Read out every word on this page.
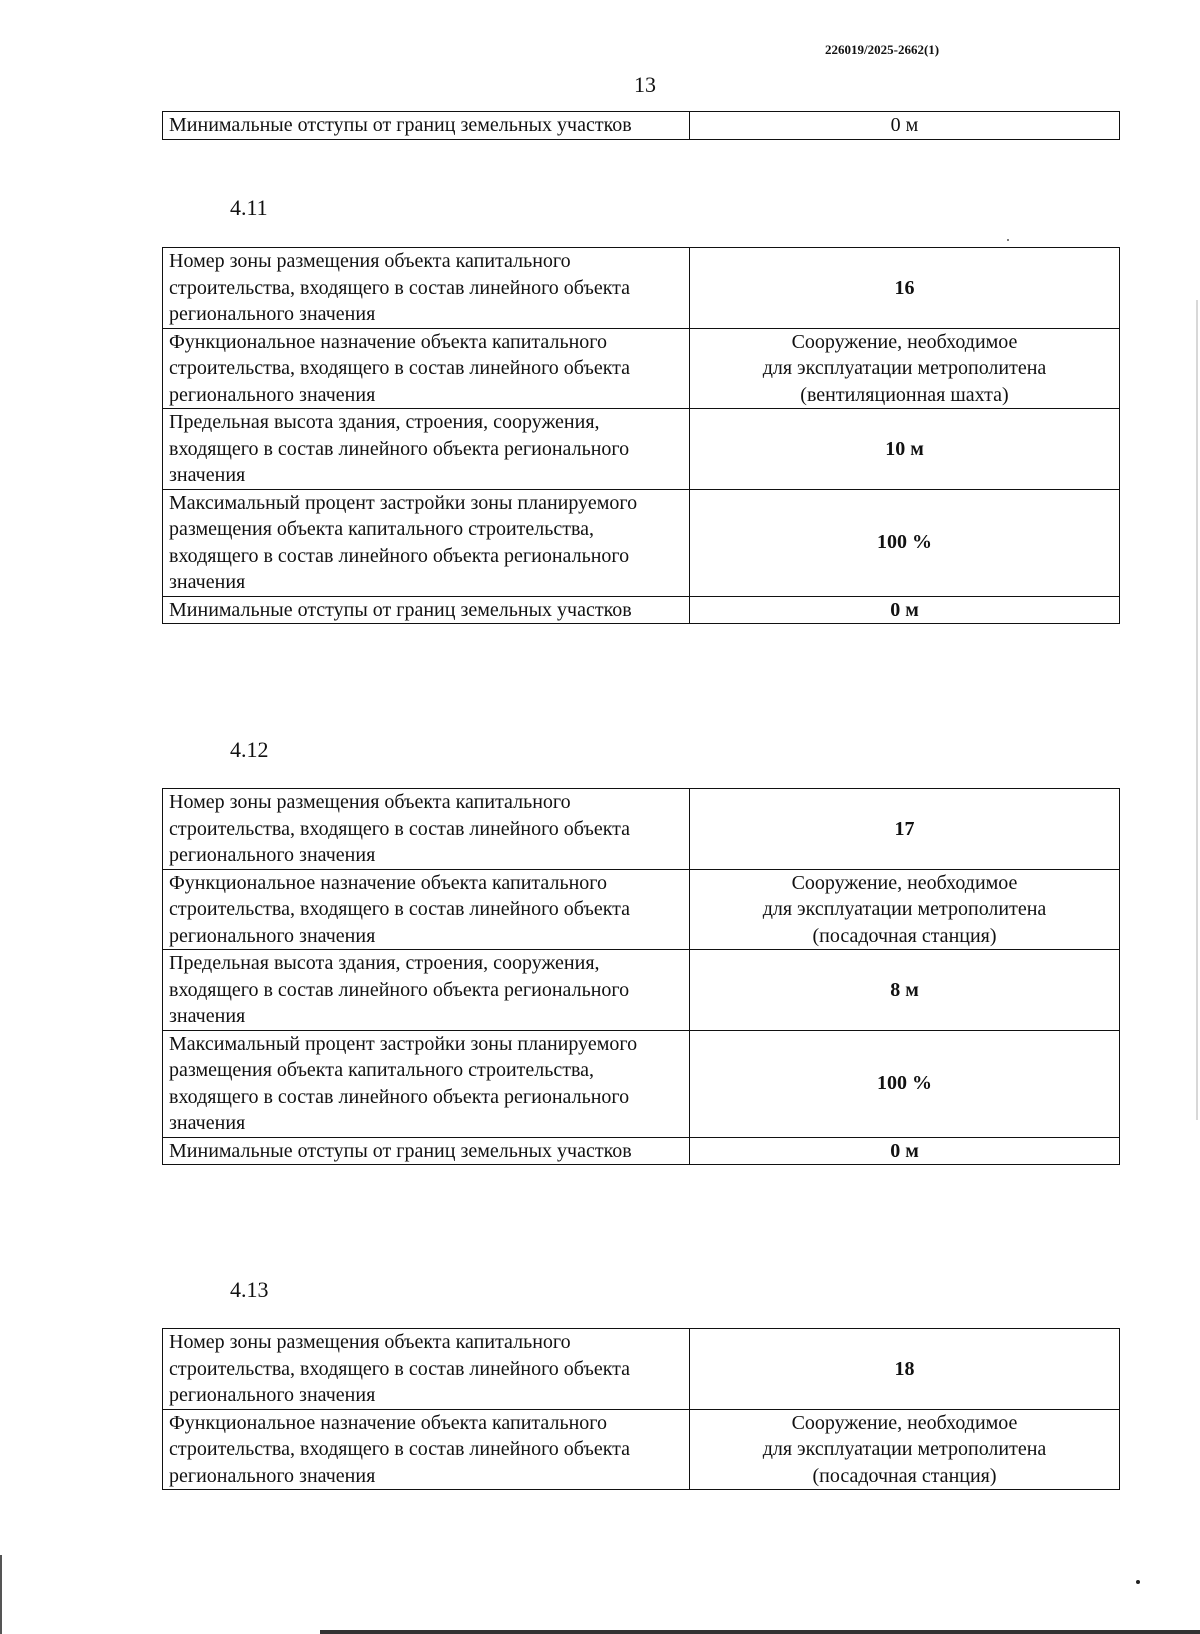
226019/2025-2662(1)
13
Минимальные отступы от границ земельных участков	0 м
4.11
Номер зоны размещения объекта капитального строительства, входящего в состав линейного объекта регионального значения	16
Функциональное назначение объекта капитального строительства, входящего в состав линейного объекта регионального значения	Сооружение, необходимое
для эксплуатации метрополитена
(вентиляционная шахта)

Предельная высота здания, строения, сооружения, входящего в состав линейного объекта регионального значения	10 м
Максимальный процент застройки зоны планируемого размещения объекта капитального строительства, входящего в состав линейного объекта регионального значения	100 %
Минимальные отступы от границ земельных участков	0 м
4.12
Номер зоны размещения объекта капитального строительства, входящего в состав линейного объекта регионального значения	17
Функциональное назначение объекта капитального строительства, входящего в состав линейного объекта регионального значения	Сооружение, необходимое
для эксплуатации метрополитена
(посадочная станция)

Предельная высота здания, строения, сооружения, входящего в состав линейного объекта регионального значения	8 м
Максимальный процент застройки зоны планируемого размещения объекта капитального строительства, входящего в состав линейного объекта регионального значения	100 %
Минимальные отступы от границ земельных участков	0 м
4.13
Номер зоны размещения объекта капитального строительства, входящего в состав линейного объекта регионального значения	18
Функциональное назначение объекта капитального строительства, входящего в состав линейного объекта регионального значения	Сооружение, необходимое
для эксплуатации метрополитена
(посадочная станция)
